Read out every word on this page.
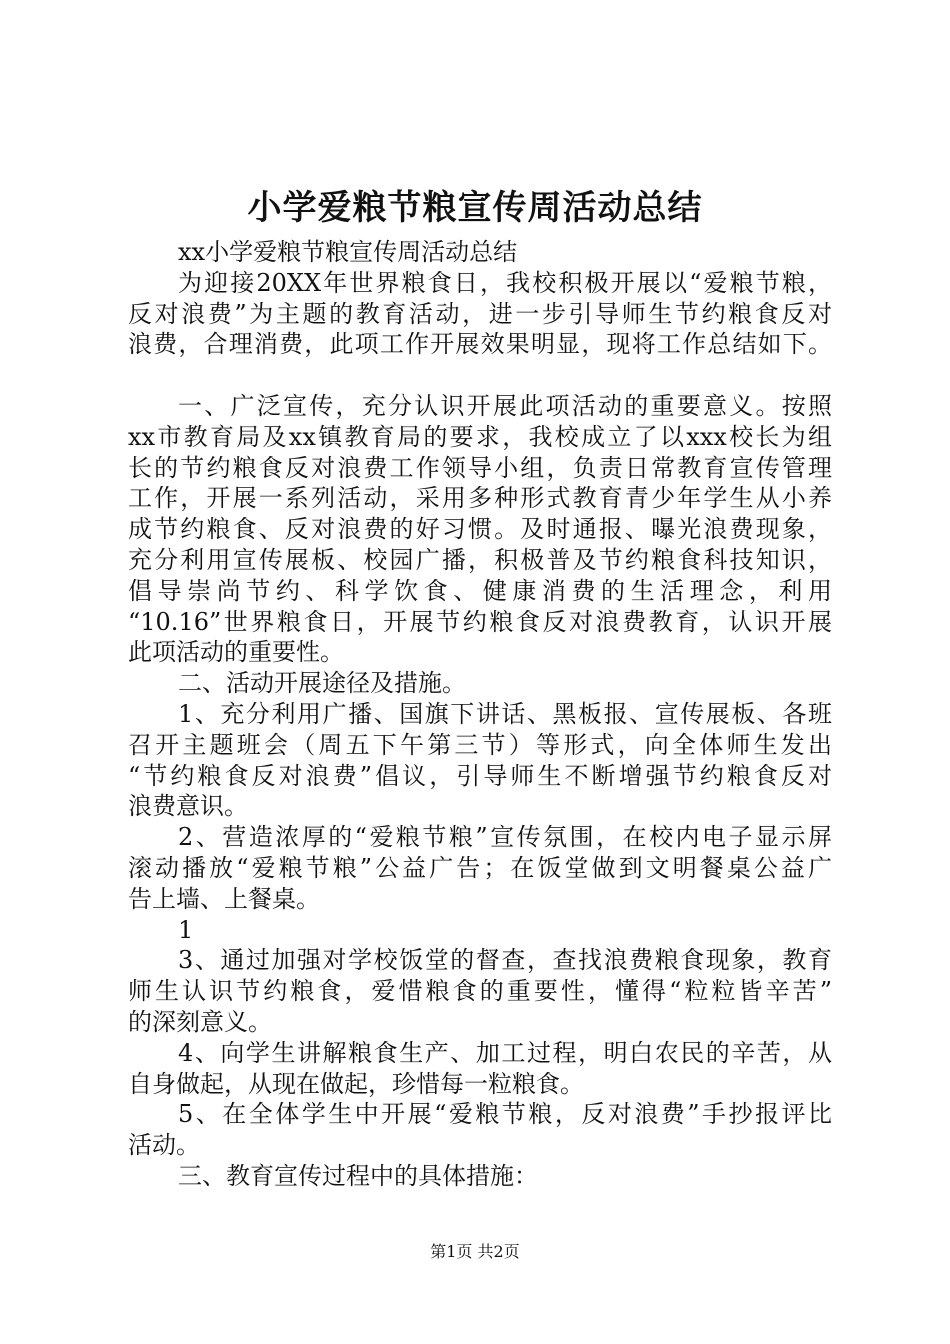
小学爱粮节粮宣传周活动总结
xx小学爱粮节粮宣传周活动总结
为迎接20XX年世界粮食日，我校积极开展以“爱粮节粮，
反对浪费”为主题的教育活动，进一步引导师生节约粮食反对
浪费，合理消费，此项工作开展效果明显，现将工作总结如下。
一、广泛宣传，充分认识开展此项活动的重要意义。按照
xx市教育局及xx镇教育局的要求，我校成立了以xxx校长为组
长的节约粮食反对浪费工作领导小组，负责日常教育宣传管理
工作，开展一系列活动，采用多种形式教育青少年学生从小养
成节约粮食、反对浪费的好习惯。及时通报、曝光浪费现象，
充分利用宣传展板、校园广播，积极普及节约粮食科技知识，
倡导崇尚节约、科学饮食、健康消费的生活理念，利用
“10.16”世界粮食日，开展节约粮食反对浪费教育，认识开展
此项活动的重要性。
二、活动开展途径及措施。
1、充分利用广播、国旗下讲话、黑板报、宣传展板、各班
召开主题班会（周五下午第三节）等形式，向全体师生发出
“节约粮食反对浪费”倡议，引导师生不断增强节约粮食反对
浪费意识。
2、营造浓厚的“爱粮节粮”宣传氛围，在校内电子显示屏
滚动播放“爱粮节粮”公益广告；在饭堂做到文明餐桌公益广
告上墙、上餐桌。
1
3、通过加强对学校饭堂的督查，查找浪费粮食现象，教育
师生认识节约粮食，爱惜粮食的重要性，懂得“粒粒皆辛苦”
的深刻意义。
4、向学生讲解粮食生产、加工过程，明白农民的辛苦，从
自身做起，从现在做起，珍惜每一粒粮食。
5、在全体学生中开展“爱粮节粮，反对浪费”手抄报评比
活动。
三、教育宣传过程中的具体措施：
第1页 共2页
